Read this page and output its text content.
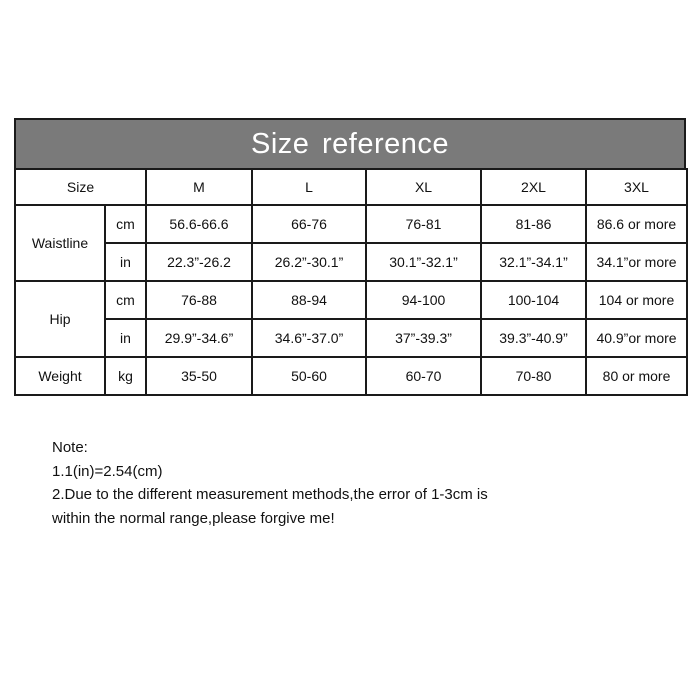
Size reference
Size		M	L	XL	2XL	3XL
Waistline	cm	56.6-66.6	66-76	76-81	81-86	86.6 or more
	in	22.3”-26.2	26.2”-30.1”	30.1”-32.1”	32.1”-34.1”	34.1”or more
Hip	cm	76-88	88-94	94-100	100-104	104 or more
	in	29.9”-34.6”	34.6”-37.0”	37”-39.3”	39.3”-40.9”	40.9”or more
Weight	kg	35-50	50-60	60-70	70-80	80 or more
Note:
1.1(in)=2.54(cm)
2.Due to the different measurement methods,the error of 1-3cm is
within the normal range,please forgive me!
